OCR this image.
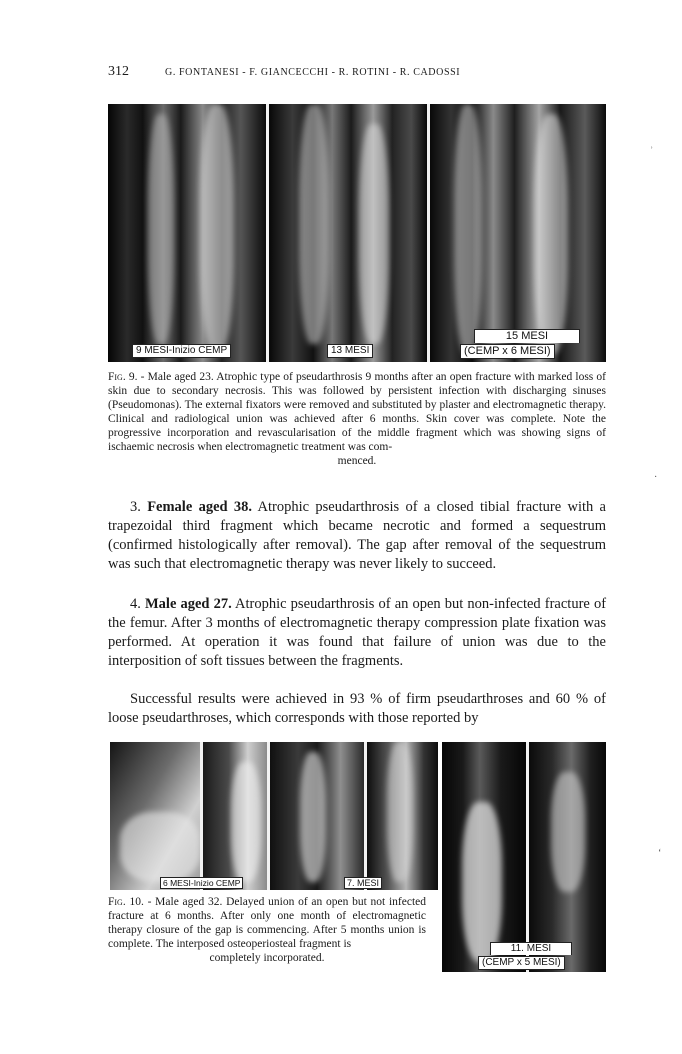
312	G. FONTANESI - F. GIANCECCHI - R. ROTINI - R. CADOSSI
9 MESI-Inizio CEMP	13 MESI
15 MESI
(CEMP x 6 MESI)
Fig. 9. - Male aged 23. Atrophic type of pseudarthrosis 9 months after an open fracture with marked loss of skin due to secondary necrosis. This was followed by persistent infection with discharging sinuses (Pseudomonas). The external fixators were removed and substituted by plaster and electromagnetic therapy. Clinical and radiological union was achieved after 6 months. Skin cover was complete. Note the progressive incorporation and revascularisation of the middle fragment which was showing signs of ischaemic necrosis when electromagnetic treatment was com-
menced.
3. Female aged 38. Atrophic pseudarthrosis of a closed tibial fracture with a trapezoidal third fragment which became necrotic and formed a sequestrum (confirmed histologically after removal). The gap after removal of the sequestrum was such that electromagnetic therapy was never likely to succeed.
4. Male aged 27. Atrophic pseudarthrosis of an open but non-infected fracture of the femur. After 3 months of electromagnetic therapy compression plate fixation was performed. At operation it was found that failure of union was due to the interposition of soft tissues between the fragments.
Successful results were achieved in 93 % of firm pseudarthroses and 60 % of loose pseudarthroses, which corresponds with those reported by
6 MESI-Inizio CEMP	7. MESI
11. MESI
(CEMP x 5 MESI)
Fig. 10. - Male aged 32. Delayed union of an open but not infected fracture at 6 months. After only one month of electromagnetic therapy closure of the gap is commencing. After 5 months union is complete. The interposed osteoperiosteal fragment is
completely incorporated.
ʾ
·
ʻ
